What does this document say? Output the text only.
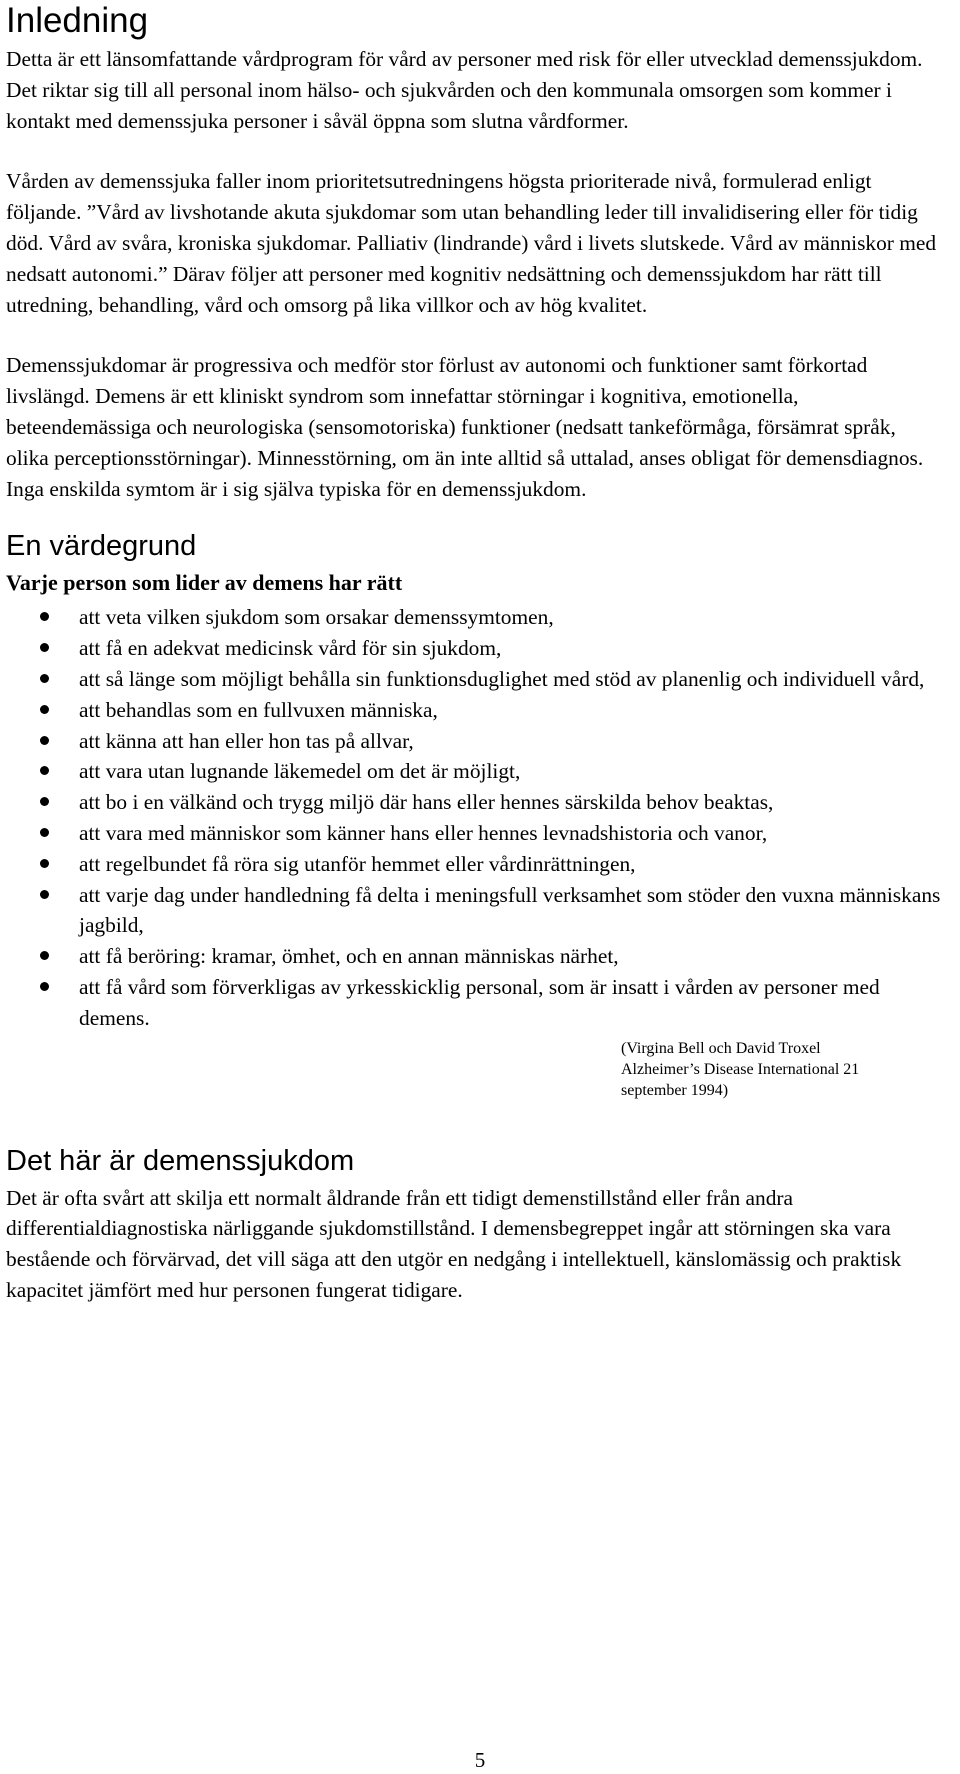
Inledning

Detta är ett länsomfattande vårdprogram för vård av personer med risk för eller utvecklad demenssjukdom. Det riktar sig till all personal inom hälso- och sjukvården och den kommunala omsorgen som kommer i kontakt med demenssjuka personer i såväl öppna som slutna vårdformer.

Vården av demenssjuka faller inom prioritetsutredningens högsta prioriterade nivå, formulerad enligt följande. ”Vård av livshotande akuta sjukdomar som utan behandling leder till invalidisering eller för tidig död. Vård av svåra, kroniska sjukdomar. Palliativ (lindrande) vård i livets slutskede. Vård av människor med nedsatt autonomi.” Därav följer att personer med kognitiv nedsättning och demenssjukdom har rätt till utredning, behandling, vård och omsorg på lika villkor och av hög kvalitet.

Demenssjukdomar är progressiva och medför stor förlust av autonomi och funktioner samt förkortad livslängd. Demens är ett kliniskt syndrom som innefattar störningar i kognitiva, emotionella, beteendemässiga och neurologiska (sensomotoriska) funktioner (nedsatt tankeförmåga, försämrat språk, olika perceptionsstörningar). Minnesstörning, om än inte alltid så uttalad, anses obligat för demensdiagnos. Inga enskilda symtom är i sig själva typiska för en demenssjukdom.

En värdegrund

Varje person som lider av demens har rätt

att veta vilken sjukdom som orsakar demenssymtomen,
att få en adekvat medicinsk vård för sin sjukdom,
att så länge som möjligt behålla sin funktionsduglighet med stöd av planenlig och individuell vård,
att behandlas som en fullvuxen människa,
att känna att han eller hon tas på allvar,
att vara utan lugnande läkemedel om det är möjligt,
att bo i en välkänd och trygg miljö där hans eller hennes särskilda behov beaktas,
att vara med människor som känner hans eller hennes levnadshistoria och vanor,
att regelbundet få röra sig utanför hemmet eller vårdinrättningen,
att varje dag under handledning få delta i meningsfull verksamhet som stöder den vuxna människans jagbild,
att få beröring: kramar, ömhet, och en annan människas närhet,
att få vård som förverkligas av yrkesskicklig personal, som är insatt i vården av personer med demens.

(Virgina Bell och David Troxel

Alzheimer’s Disease International 21 september 1994)

Det här är demenssjukdom

Det är ofta svårt att skilja ett normalt åldrande från ett tidigt demenstillstånd eller från andra differentialdiagnostiska närliggande sjukdomstillstånd. I demensbegreppet ingår att störningen ska vara bestående och förvärvad, det vill säga att den utgör en nedgång i intellektuell, känslomässig och praktisk kapacitet jämfört med hur personen fungerat tidigare.

5
